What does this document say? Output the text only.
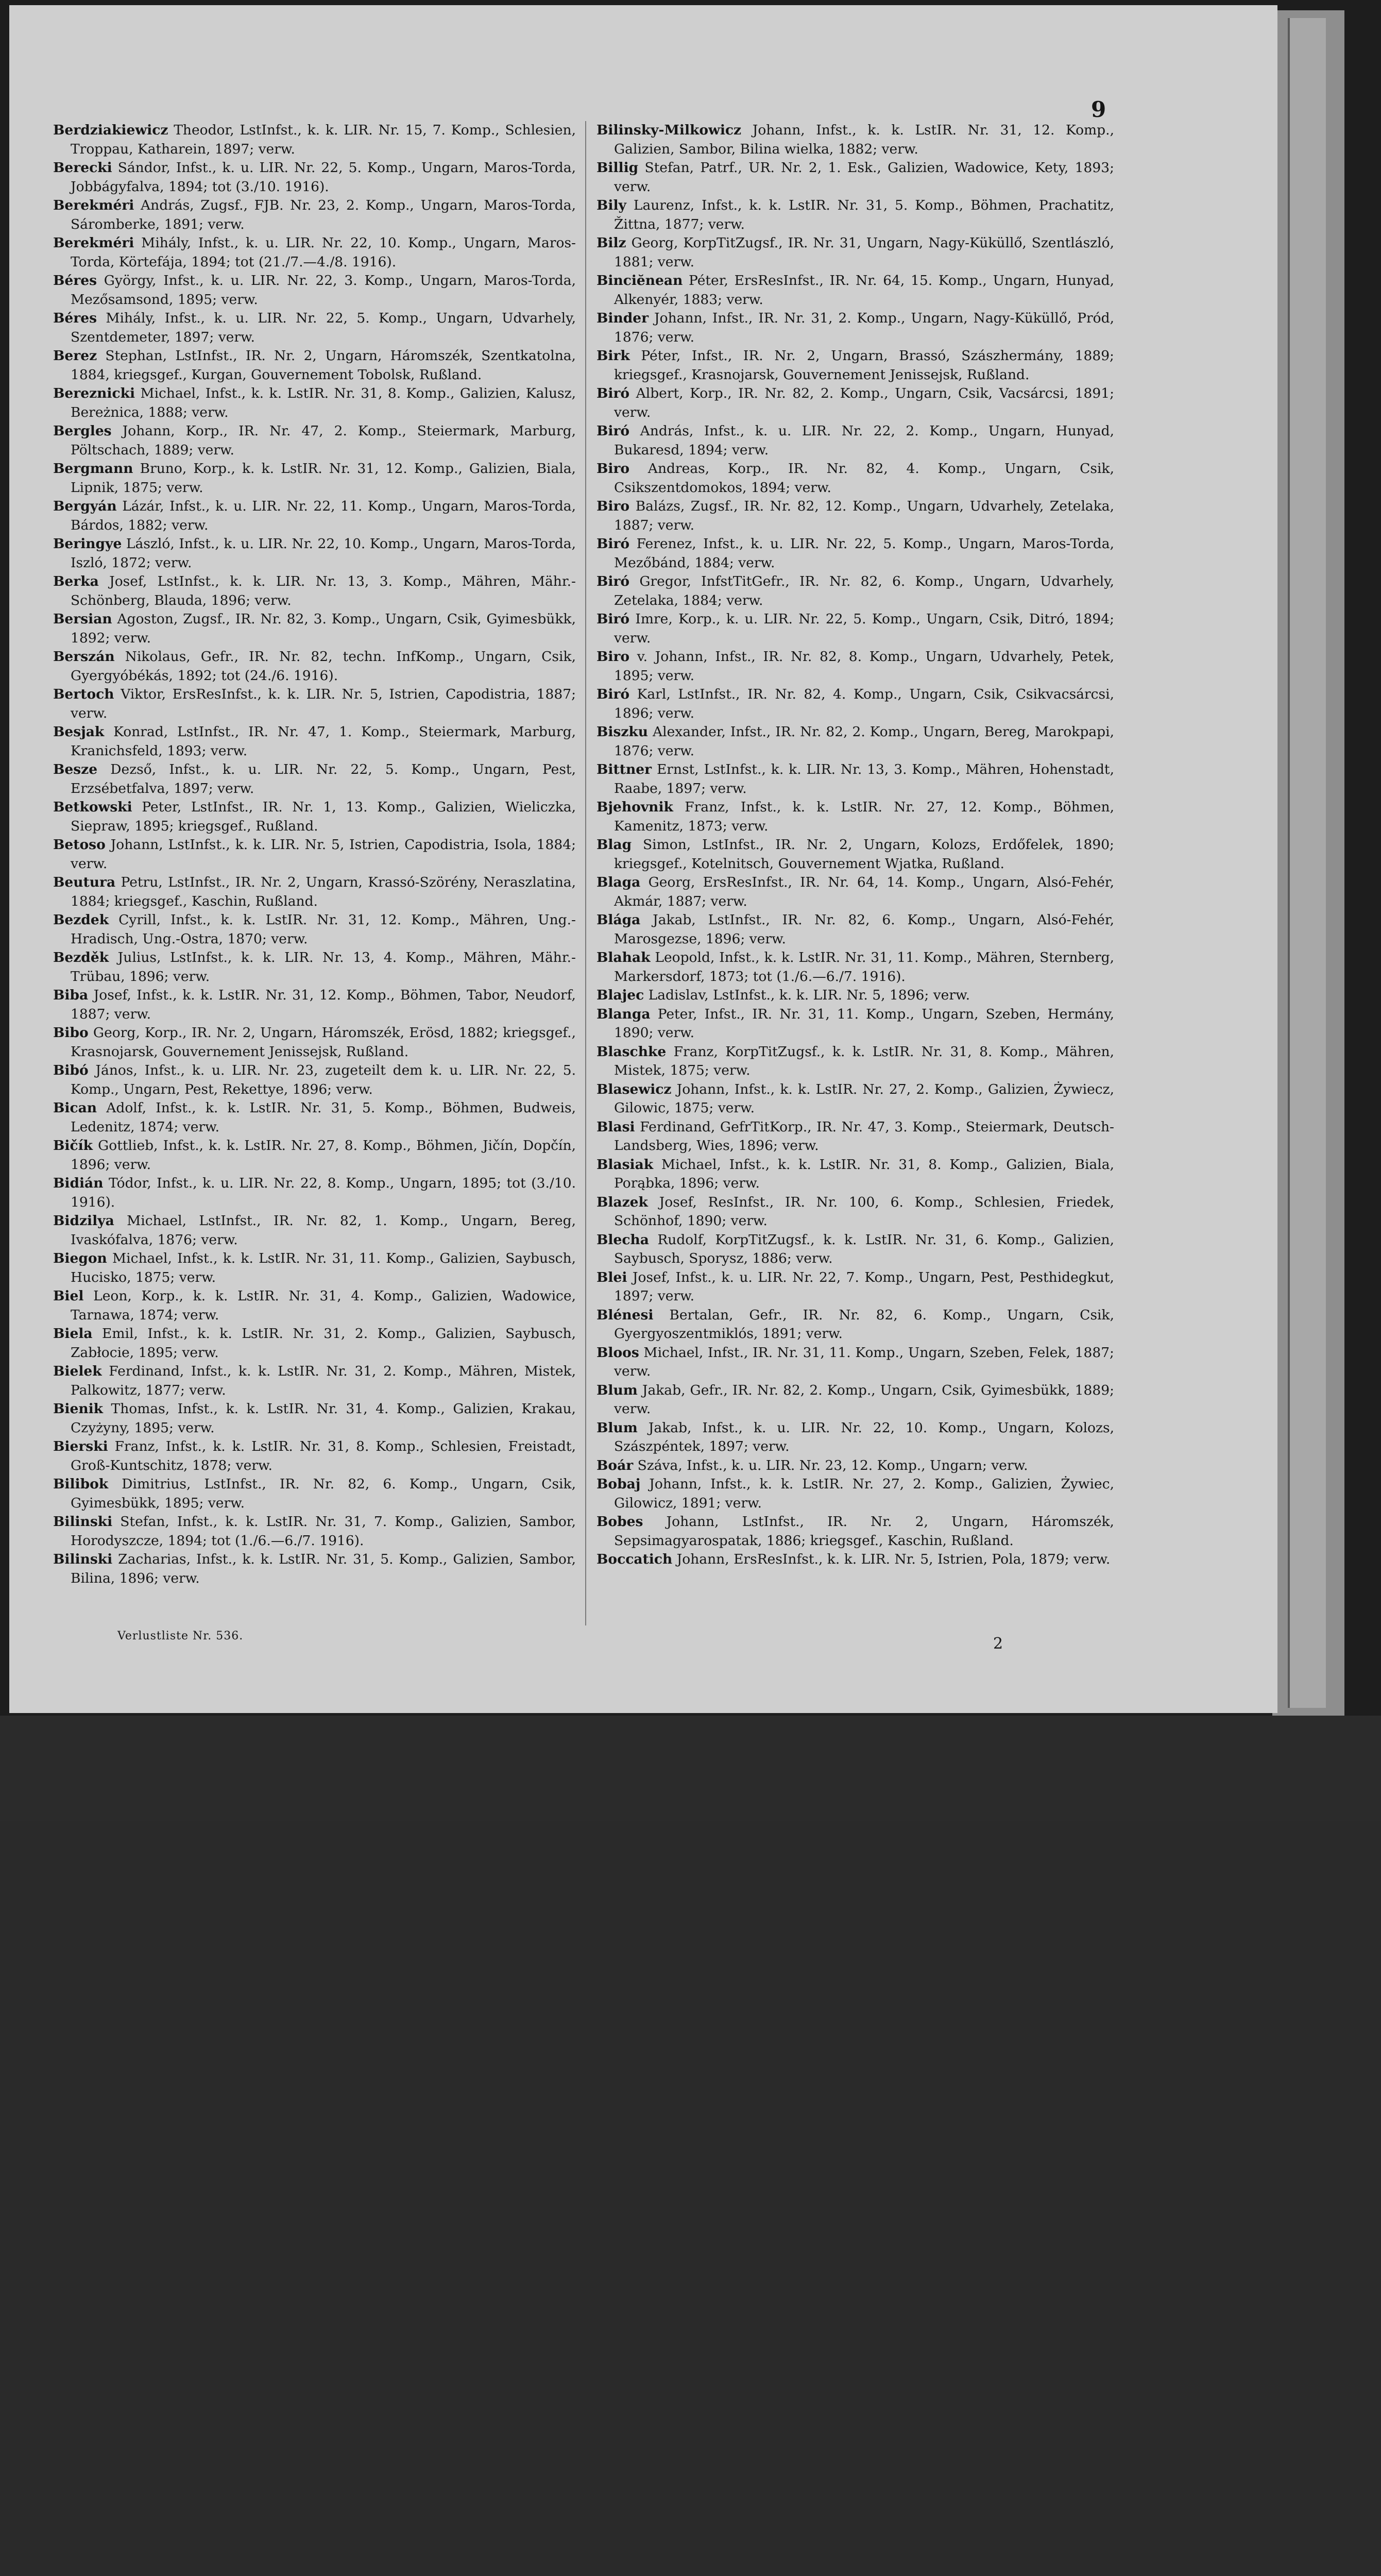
9

Berdziakiewicz Theodor, LstInfst., k. k. LIR. Nr. 15, 7. Komp., Schlesien, Troppau, Katharein, 1897; verw.

Berecki Sándor, Infst., k. u. LIR. Nr. 22, 5. Komp., Ungarn, Maros-Torda, Jobbágyfalva, 1894; tot (3./10. 1916).

Berekméri András, Zugsf., FJB. Nr. 23, 2. Komp., Ungarn, Maros-Torda, Sáromberke, 1891; verw.

Berekméri Mihály, Infst., k. u. LIR. Nr. 22, 10. Komp., Ungarn, Maros-Torda, Körtefája, 1894; tot (21./7.—4./8. 1916).

Béres György, Infst., k. u. LIR. Nr. 22, 3. Komp., Ungarn, Maros-Torda, Mezősamsond, 1895; verw.

Béres Mihály, Infst., k. u. LIR. Nr. 22, 5. Komp., Ungarn, Udvarhely, Szentdemeter, 1897; verw.

Berez Stephan, LstInfst., IR. Nr. 2, Ungarn, Háromszék, Szentkatolna, 1884, kriegsgef., Kurgan, Gouvernement Tobolsk, Rußland.

Bereznicki Michael, Infst., k. k. LstIR. Nr. 31, 8. Komp., Galizien, Kalusz, Bereżnica, 1888; verw.

Bergles Johann, Korp., IR. Nr. 47, 2. Komp., Steiermark, Marburg, Pöltschach, 1889; verw.

Bergmann Bruno, Korp., k. k. LstIR. Nr. 31, 12. Komp., Galizien, Biala, Lipnik, 1875; verw.

Bergyán Lázár, Infst., k. u. LIR. Nr. 22, 11. Komp., Ungarn, Maros-Torda, Bárdos, 1882; verw.

Beringye László, Infst., k. u. LIR. Nr. 22, 10. Komp., Ungarn, Maros-Torda, Iszló, 1872; verw.

Berka Josef, LstInfst., k. k. LIR. Nr. 13, 3. Komp., Mähren, Mähr.-Schönberg, Blauda, 1896; verw.

Bersian Agoston, Zugsf., IR. Nr. 82, 3. Komp., Ungarn, Csik, Gyimesbükk, 1892; verw.

Berszán Nikolaus, Gefr., IR. Nr. 82, techn. InfKomp., Ungarn, Csik, Gyergyóbékás, 1892; tot (24./6. 1916).

Bertoch Viktor, ErsResInfst., k. k. LIR. Nr. 5, Istrien, Capodistria, 1887; verw.

Besjak Konrad, LstInfst., IR. Nr. 47, 1. Komp., Steiermark, Marburg, Kranichsfeld, 1893; verw.

Besze Dezső, Infst., k. u. LIR. Nr. 22, 5. Komp., Ungarn, Pest, Erzsébetfalva, 1897; verw.

Betkowski Peter, LstInfst., IR. Nr. 1, 13. Komp., Galizien, Wieliczka, Siepraw, 1895; kriegsgef., Rußland.

Betoso Johann, LstInfst., k. k. LIR. Nr. 5, Istrien, Capodistria, Isola, 1884; verw.

Beutura Petru, LstInfst., IR. Nr. 2, Ungarn, Krassó-Szörény, Neraszlatina, 1884; kriegsgef., Kaschin, Rußland.

Bezdek Cyrill, Infst., k. k. LstIR. Nr. 31, 12. Komp., Mähren, Ung.-Hradisch, Ung.-Ostra, 1870; verw.

Bezděk Julius, LstInfst., k. k. LIR. Nr. 13, 4. Komp., Mähren, Mähr.-Trübau, 1896; verw.

Biba Josef, Infst., k. k. LstIR. Nr. 31, 12. Komp., Böhmen, Tabor, Neudorf, 1887; verw.

Bibo Georg, Korp., IR. Nr. 2, Ungarn, Háromszék, Erösd, 1882; kriegsgef., Krasnojarsk, Gouvernement Jenissejsk, Rußland.

Bibó János, Infst., k. u. LIR. Nr. 23, zugeteilt dem k. u. LIR. Nr. 22, 5. Komp., Ungarn, Pest, Rekettye, 1896; verw.

Bican Adolf, Infst., k. k. LstIR. Nr. 31, 5. Komp., Böhmen, Budweis, Ledenitz, 1874; verw.

Bičík Gottlieb, Infst., k. k. LstIR. Nr. 27, 8. Komp., Böhmen, Jičín, Dopčín, 1896; verw.

Bidián Tódor, Infst., k. u. LIR. Nr. 22, 8. Komp., Ungarn, 1895; tot (3./10. 1916).

Bidzilya Michael, LstInfst., IR. Nr. 82, 1. Komp., Ungarn, Bereg, Ivaskófalva, 1876; verw.

Biegon Michael, Infst., k. k. LstIR. Nr. 31, 11. Komp., Galizien, Saybusch, Hucisko, 1875; verw.

Biel Leon, Korp., k. k. LstIR. Nr. 31, 4. Komp., Galizien, Wadowice, Tarnawa, 1874; verw.

Biela Emil, Infst., k. k. LstIR. Nr. 31, 2. Komp., Galizien, Saybusch, Zabłocie, 1895; verw.

Bielek Ferdinand, Infst., k. k. LstIR. Nr. 31, 2. Komp., Mähren, Mistek, Palkowitz, 1877; verw.

Bienik Thomas, Infst., k. k. LstIR. Nr. 31, 4. Komp., Galizien, Krakau, Czyżyny, 1895; verw.

Bierski Franz, Infst., k. k. LstIR. Nr. 31, 8. Komp., Schlesien, Freistadt, Groß-Kuntschitz, 1878; verw.

Bilibok Dimitrius, LstInfst., IR. Nr. 82, 6. Komp., Ungarn, Csik, Gyimesbükk, 1895; verw.

Bilinski Stefan, Infst., k. k. LstIR. Nr. 31, 7. Komp., Galizien, Sambor, Horodyszcze, 1894; tot (1./6.—6./7. 1916).

Bilinski Zacharias, Infst., k. k. LstIR. Nr. 31, 5. Komp., Galizien, Sambor, Bilina, 1896; verw.

Bilinsky-Milkowicz Johann, Infst., k. k. LstIR. Nr. 31, 12. Komp., Galizien, Sambor, Bilina wielka, 1882; verw.

Billig Stefan, Patrf., UR. Nr. 2, 1. Esk., Galizien, Wadowice, Kety, 1893; verw.

Bily Laurenz, Infst., k. k. LstIR. Nr. 31, 5. Komp., Böhmen, Prachatitz, Žittna, 1877; verw.

Bilz Georg, KorpTitZugsf., IR. Nr. 31, Ungarn, Nagy-Küküllő, Szentlászló, 1881; verw.

Binciĕnean Péter, ErsResInfst., IR. Nr. 64, 15. Komp., Ungarn, Hunyad, Alkenyér, 1883; verw.

Binder Johann, Infst., IR. Nr. 31, 2. Komp., Ungarn, Nagy-Küküllő, Pród, 1876; verw.

Birk Péter, Infst., IR. Nr. 2, Ungarn, Brassó, Szászhermány, 1889; kriegsgef., Krasnojarsk, Gouvernement Jenissejsk, Rußland.

Biró Albert, Korp., IR. Nr. 82, 2. Komp., Ungarn, Csik, Vacsárcsi, 1891; verw.

Biró András, Infst., k. u. LIR. Nr. 22, 2. Komp., Ungarn, Hunyad, Bukaresd, 1894; verw.

Biro Andreas, Korp., IR. Nr. 82, 4. Komp., Ungarn, Csik, Csikszentdomokos, 1894; verw.

Biro Balázs, Zugsf., IR. Nr. 82, 12. Komp., Ungarn, Udvarhely, Zetelaka, 1887; verw.

Biró Ferenez, Infst., k. u. LIR. Nr. 22, 5. Komp., Ungarn, Maros-Torda, Mezőbánd, 1884; verw.

Biró Gregor, InfstTitGefr., IR. Nr. 82, 6. Komp., Ungarn, Udvarhely, Zetelaka, 1884; verw.

Biró Imre, Korp., k. u. LIR. Nr. 22, 5. Komp., Ungarn, Csik, Ditró, 1894; verw.

Biro v. Johann, Infst., IR. Nr. 82, 8. Komp., Ungarn, Udvarhely, Petek, 1895; verw.

Biró Karl, LstInfst., IR. Nr. 82, 4. Komp., Ungarn, Csik, Csikvacsárcsi, 1896; verw.

Biszku Alexander, Infst., IR. Nr. 82, 2. Komp., Ungarn, Bereg, Marokpapi, 1876; verw.

Bittner Ernst, LstInfst., k. k. LIR. Nr. 13, 3. Komp., Mähren, Hohenstadt, Raabe, 1897; verw.

Bjehovnik Franz, Infst., k. k. LstIR. Nr. 27, 12. Komp., Böhmen, Kamenitz, 1873; verw.

Blag Simon, LstInfst., IR. Nr. 2, Ungarn, Kolozs, Erdőfelek, 1890; kriegsgef., Kotelnitsch, Gouvernement Wjatka, Rußland.

Blaga Georg, ErsResInfst., IR. Nr. 64, 14. Komp., Ungarn, Alsó-Fehér, Akmár, 1887; verw.

Blága Jakab, LstInfst., IR. Nr. 82, 6. Komp., Ungarn, Alsó-Fehér, Marosgezse, 1896; verw.

Blahak Leopold, Infst., k. k. LstIR. Nr. 31, 11. Komp., Mähren, Sternberg, Markersdorf, 1873; tot (1./6.—6./7. 1916).

Blajec Ladislav, LstInfst., k. k. LIR. Nr. 5, 1896; verw.

Blanga Peter, Infst., IR. Nr. 31, 11. Komp., Ungarn, Szeben, Hermány, 1890; verw.

Blaschke Franz, KorpTitZugsf., k. k. LstIR. Nr. 31, 8. Komp., Mähren, Mistek, 1875; verw.

Blasewicz Johann, Infst., k. k. LstIR. Nr. 27, 2. Komp., Galizien, Żywiecz, Gilowic, 1875; verw.

Blasi Ferdinand, GefrTitKorp., IR. Nr. 47, 3. Komp., Steiermark, Deutsch-Landsberg, Wies, 1896; verw.

Blasiak Michael, Infst., k. k. LstIR. Nr. 31, 8. Komp., Galizien, Biala, Porąbka, 1896; verw.

Blazek Josef, ResInfst., IR. Nr. 100, 6. Komp., Schlesien, Friedek, Schönhof, 1890; verw.

Blecha Rudolf, KorpTitZugsf., k. k. LstIR. Nr. 31, 6. Komp., Galizien, Saybusch, Sporysz, 1886; verw.

Blei Josef, Infst., k. u. LIR. Nr. 22, 7. Komp., Ungarn, Pest, Pesthidegkut, 1897; verw.

Blénesi Bertalan, Gefr., IR. Nr. 82, 6. Komp., Ungarn, Csik, Gyergyoszentmiklós, 1891; verw.

Bloos Michael, Infst., IR. Nr. 31, 11. Komp., Ungarn, Szeben, Felek, 1887; verw.

Blum Jakab, Gefr., IR. Nr. 82, 2. Komp., Ungarn, Csik, Gyimesbükk, 1889; verw.

Blum Jakab, Infst., k. u. LIR. Nr. 22, 10. Komp., Ungarn, Kolozs, Szászpéntek, 1897; verw.

Boár Száva, Infst., k. u. LIR. Nr. 23, 12. Komp., Ungarn; verw.

Bobaj Johann, Infst., k. k. LstIR. Nr. 27, 2. Komp., Galizien, Żywiec, Gilowicz, 1891; verw.

Bobes Johann, LstInfst., IR. Nr. 2, Ungarn, Háromszék, Sepsimagyarospatak, 1886; kriegsgef., Kaschin, Rußland.

Boccatich Johann, ErsResInfst., k. k. LIR. Nr. 5, Istrien, Pola, 1879; verw.

Verlustliste Nr. 536.	2
